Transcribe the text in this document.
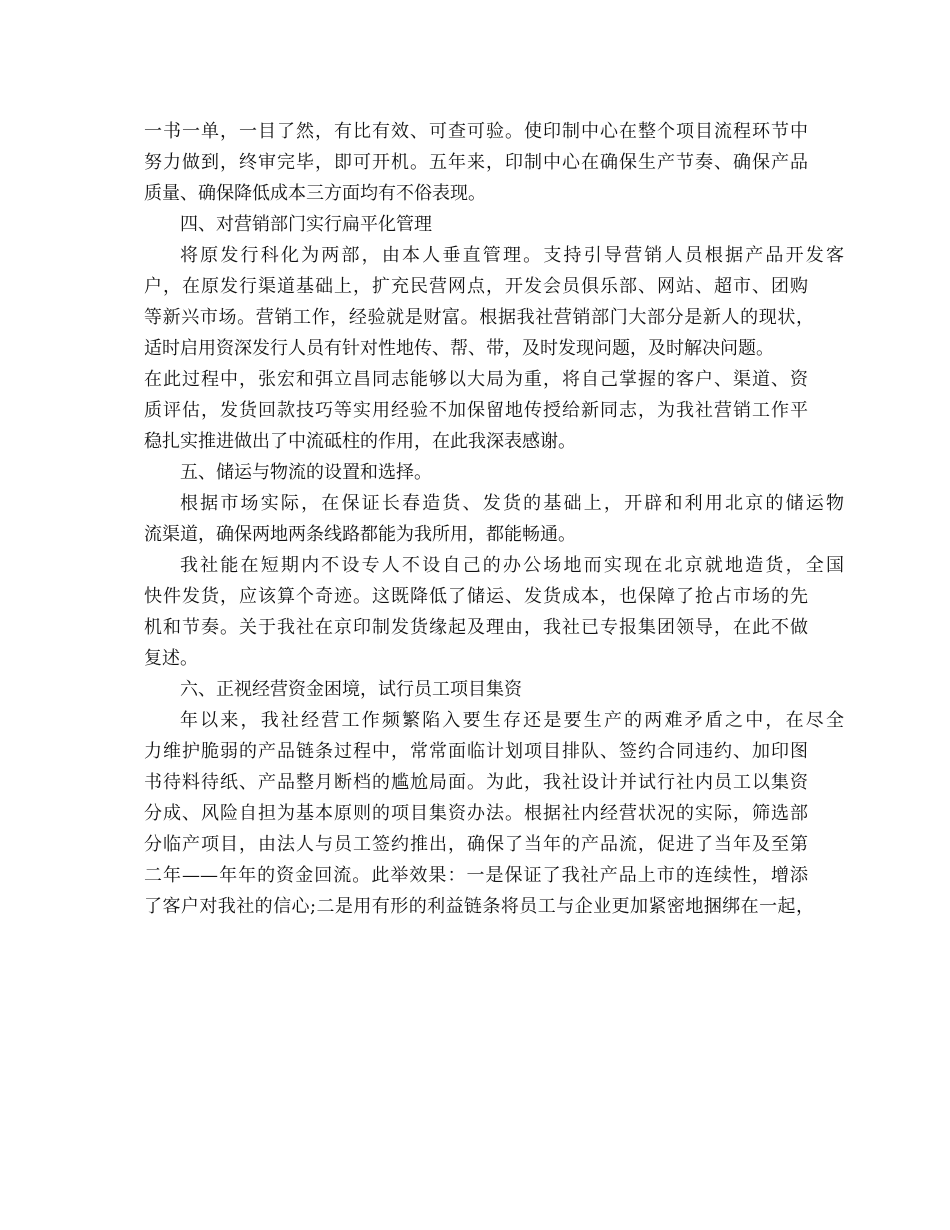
一书一单，一目了然，有比有效、可查可验。使印制中心在整个项目流程环节中
努力做到，终审完毕，即可开机。五年来，印制中心在确保生产节奏、确保产品
质量、确保降低成本三方面均有不俗表现。
四、对营销部门实行扁平化管理
将原发行科化为两部，由本人垂直管理。支持引导营销人员根据产品开发客
户，在原发行渠道基础上，扩充民营网点，开发会员俱乐部、网站、超市、团购
等新兴市场。营销工作，经验就是财富。根据我社营销部门大部分是新人的现状，
适时启用资深发行人员有针对性地传、帮、带，及时发现问题，及时解决问题。
在此过程中，张宏和弭立昌同志能够以大局为重，将自己掌握的客户、渠道、资
质评估，发货回款技巧等实用经验不加保留地传授给新同志，为我社营销工作平
稳扎实推进做出了中流砥柱的作用，在此我深表感谢。
五、储运与物流的设置和选择。
根据市场实际，在保证长春造货、发货的基础上，开辟和利用北京的储运物
流渠道，确保两地两条线路都能为我所用，都能畅通。
我社能在短期内不设专人不设自己的办公场地而实现在北京就地造货，全国
快件发货，应该算个奇迹。这既降低了储运、发货成本，也保障了抢占市场的先
机和节奏。关于我社在京印制发货缘起及理由，我社已专报集团领导，在此不做
复述。
六、正视经营资金困境，试行员工项目集资
年以来，我社经营工作频繁陷入要生存还是要生产的两难矛盾之中，在尽全
力维护脆弱的产品链条过程中，常常面临计划项目排队、签约合同违约、加印图
书待料待纸、产品整月断档的尴尬局面。为此，我社设计并试行社内员工以集资
分成、风险自担为基本原则的项目集资办法。根据社内经营状况的实际，筛选部
分临产项目，由法人与员工签约推出，确保了当年的产品流，促进了当年及至第
二年——年年的资金回流。此举效果：一是保证了我社产品上市的连续性，增添
了客户对我社的信心;二是用有形的利益链条将员工与企业更加紧密地捆绑在一起，
